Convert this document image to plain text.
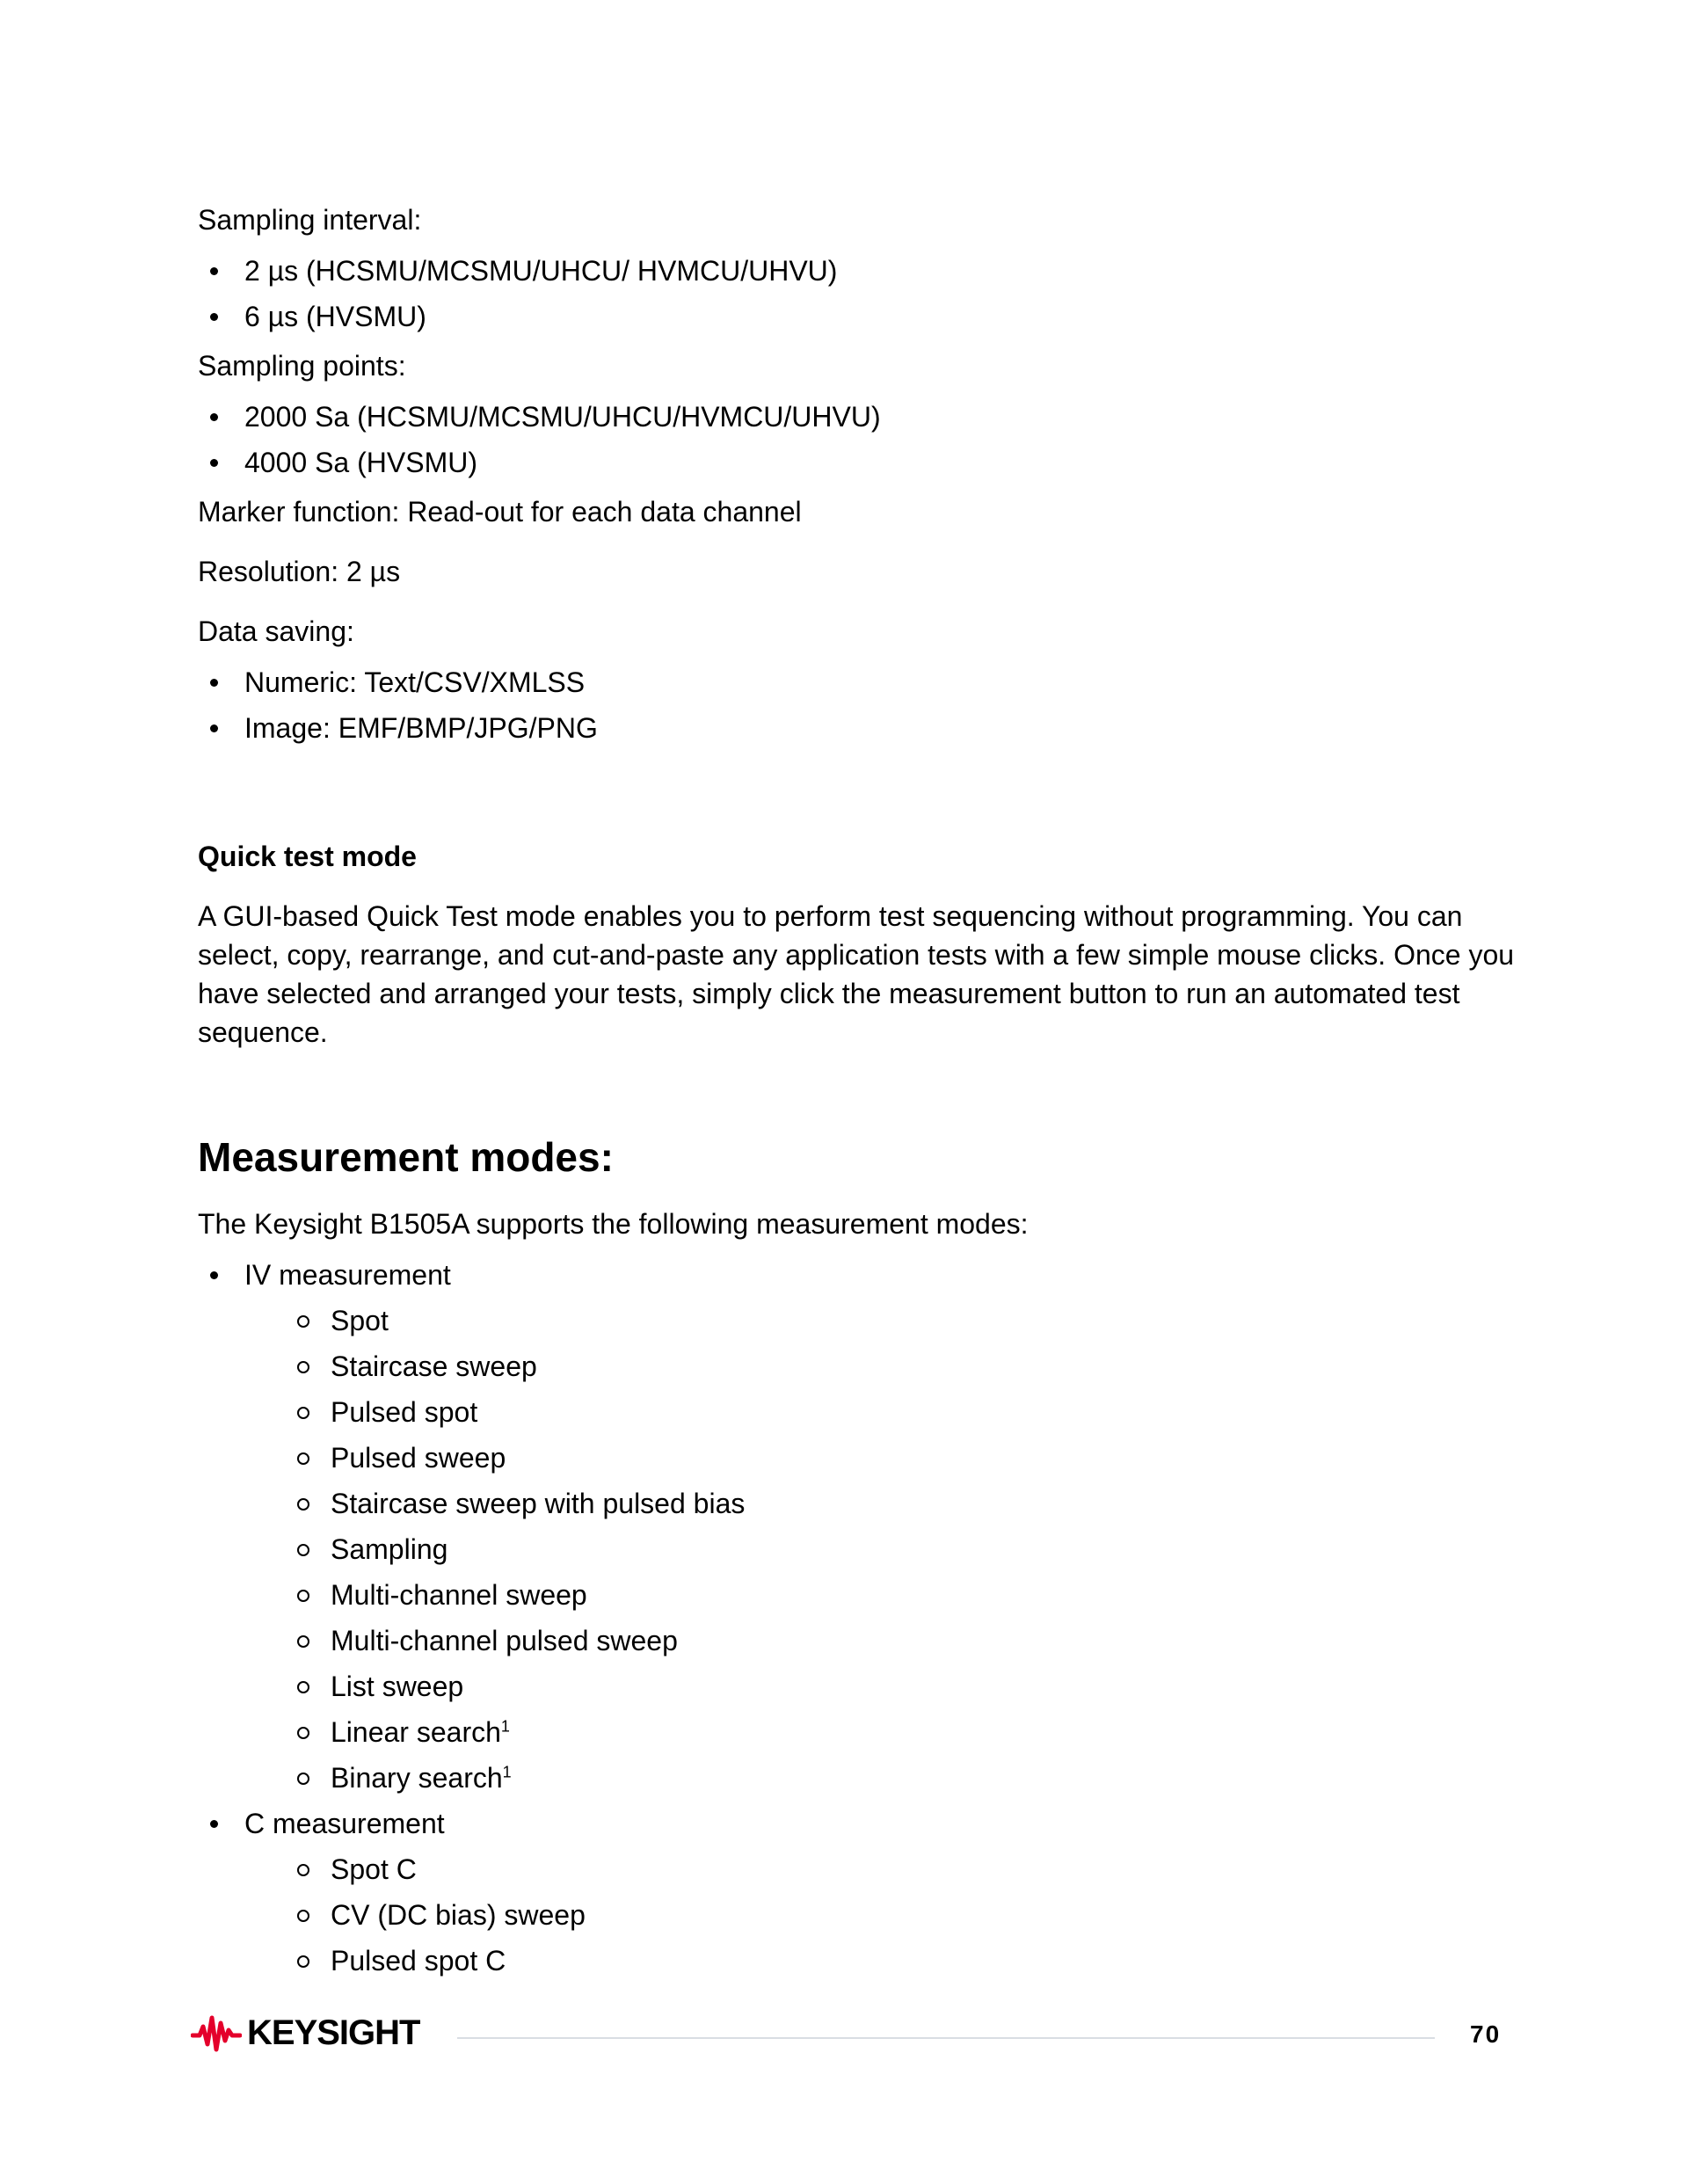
Sampling interval:

2 µs (HCSMU/MCSMU/UHCU/ HVMCU/UHVU)
6 µs (HVSMU)

Sampling points:

2000 Sa (HCSMU/MCSMU/UHCU/HVMCU/UHVU)
4000 Sa (HVSMU)

Marker function: Read-out for each data channel

Resolution: 2 µs

Data saving:

Numeric: Text/CSV/XMLSS
Image: EMF/BMP/JPG/PNG
Quick test mode

A GUI-based Quick Test mode enables you to perform test sequencing without programming. You can select, copy, rearrange, and cut-and-paste any application tests with a few simple mouse clicks. Once you have selected and arranged your tests, simply click the measurement button to run an automated test sequence.

Measurement modes:

The Keysight B1505A supports the following measurement modes:

IV measurement
Spot
Staircase sweep
Pulsed spot
Pulsed sweep
Staircase sweep with pulsed bias
Sampling
Multi-channel sweep
Multi-channel pulsed sweep
List sweep
Linear search$^1$
Binary search$^1$
C measurement
Spot C
CV (DC bias) sweep
Pulsed spot C
KEYSIGHT	70
